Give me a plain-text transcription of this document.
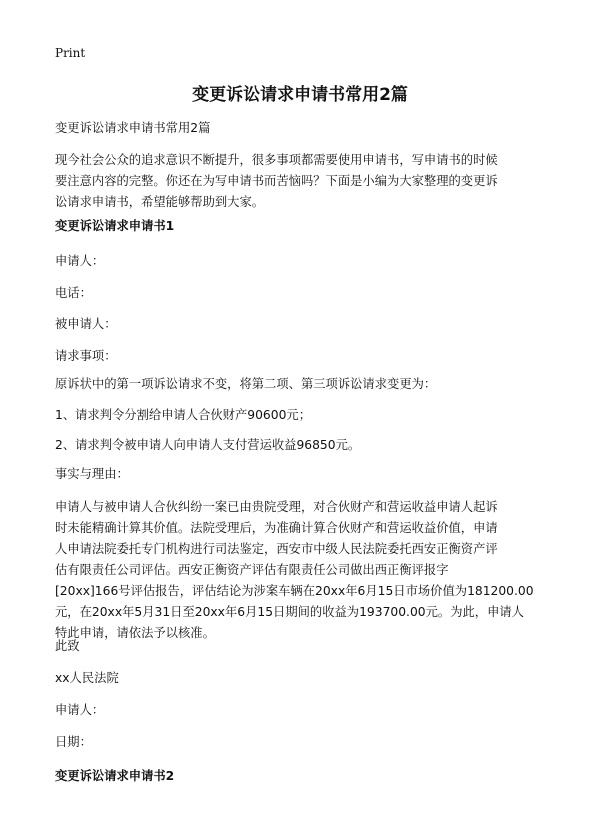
Print
变更诉讼请求申请书常用2篇
变更诉讼请求申请书常用2篇
现今社会公众的追求意识不断提升，很多事项都需要使用申请书，写申请书的时候
要注意内容的完整。你还在为写申请书而苦恼吗？下面是小编为大家整理的变更诉
讼请求申请书，希望能够帮助到大家。
变更诉讼请求申请书1
申请人：
电话：
被申请人：
请求事项：
原诉状中的第一项诉讼请求不变，将第二项、第三项诉讼请求变更为：
1、请求判令分割给申请人合伙财产90600元；
2、请求判令被申请人向申请人支付营运收益96850元。
事实与理由：
申请人与被申请人合伙纠纷一案已由贵院受理，对合伙财产和营运收益申请人起诉
时未能精确计算其价值。法院受理后，为准确计算合伙财产和营运收益价值，申请
人申请法院委托专门机构进行司法鉴定，西安市中级人民法院委托西安正衡资产评
估有限责任公司评估。西安正衡资产评估有限责任公司做出西正衡评报字
[20xx]166号评估报告，评估结论为涉案车辆在20xx年6月15日市场价值为181200.00
元，在20xx年5月31日至20xx年6月15日期间的收益为193700.00元。为此，申请人
特此申请，请依法予以核准。
此致
xx人民法院
申请人：
日期：
变更诉讼请求申请书2
